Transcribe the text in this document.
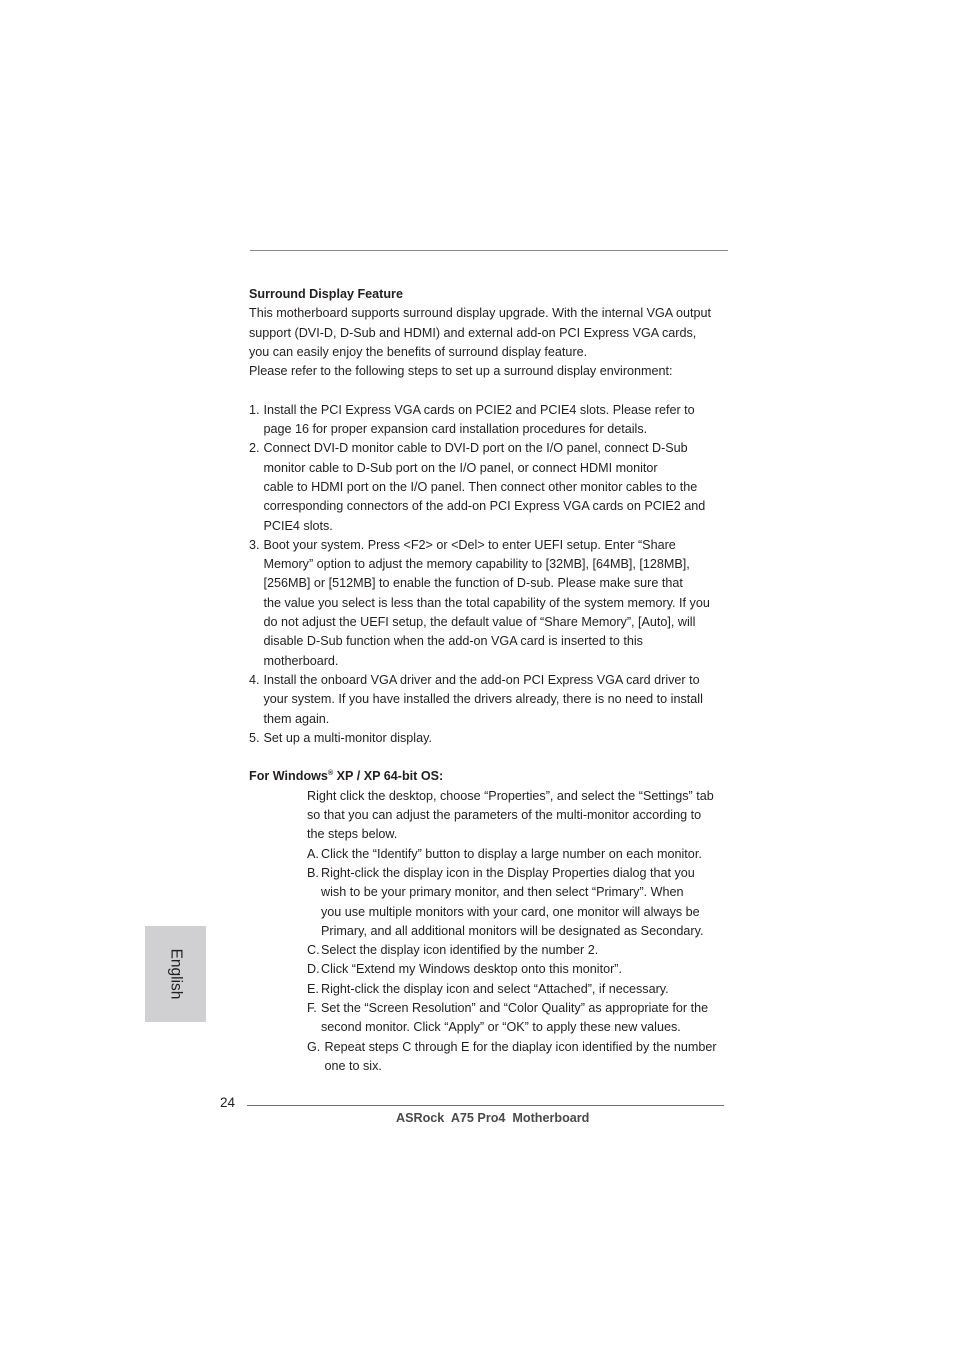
Surround Display Feature

This motherboard supports surround display upgrade. With the internal VGA output

support (DVI-D, D-Sub and HDMI) and external add-on PCI Express VGA cards,

you can easily enjoy the benefits of surround display feature.

Please refer to the following steps to set up a surround display environment:

1. Install the PCI Express VGA cards on PCIE2 and PCIE4 slots. Please refer to

page 16 for proper expansion card installation procedures for details.

2. Connect DVI-D monitor cable to DVI-D port on the I/O panel, connect D-Sub

monitor cable to D-Sub port on the I/O panel, or connect HDMI monitor

cable to HDMI port on the I/O panel. Then connect other monitor cables to the

corresponding connectors of the add-on PCI Express VGA cards on PCIE2 and

PCIE4 slots.

3. Boot your system. Press <F2> or <Del> to enter UEFI setup. Enter “Share

Memory” option to adjust the memory capability to [32MB], [64MB], [128MB],

[256MB] or [512MB] to enable the function of D-sub. Please make sure that

the value you select is less than the total capability of the system memory. If you

do not adjust the UEFI setup, the default value of “Share Memory”, [Auto], will

disable D-Sub function when the add-on VGA card is inserted to this

motherboard.

4. Install the onboard VGA driver and the add-on PCI Express VGA card driver to

your system. If you have installed the drivers already, there is no need to install

them again.

5. Set up a multi-monitor display.

For Windows® XP / XP 64-bit OS:

Right click the desktop, choose “Properties”, and select the “Settings” tab

so that you can adjust the parameters of the multi-monitor according to

the steps below.

A. Click the “Identify” button to display a large number on each monitor.

B. Right-click the display icon in the Display Properties dialog that you

wish to be your primary monitor, and then select “Primary”. When

you use multiple monitors with your card, one monitor will always be

Primary, and all additional monitors will be designated as Secondary.

C. Select the display icon identified by the number 2.

D. Click “Extend my Windows desktop onto this monitor”.

E. Right-click the display icon and select “Attached”, if necessary.

F. Set the “Screen Resolution” and “Color Quality” as appropriate for the

second monitor. Click “Apply” or “OK” to apply these new values.

G. Repeat steps C through E for the diaplay icon identified by the number

one to six.

English
24
ASRock  A75 Pro4  Motherboard
